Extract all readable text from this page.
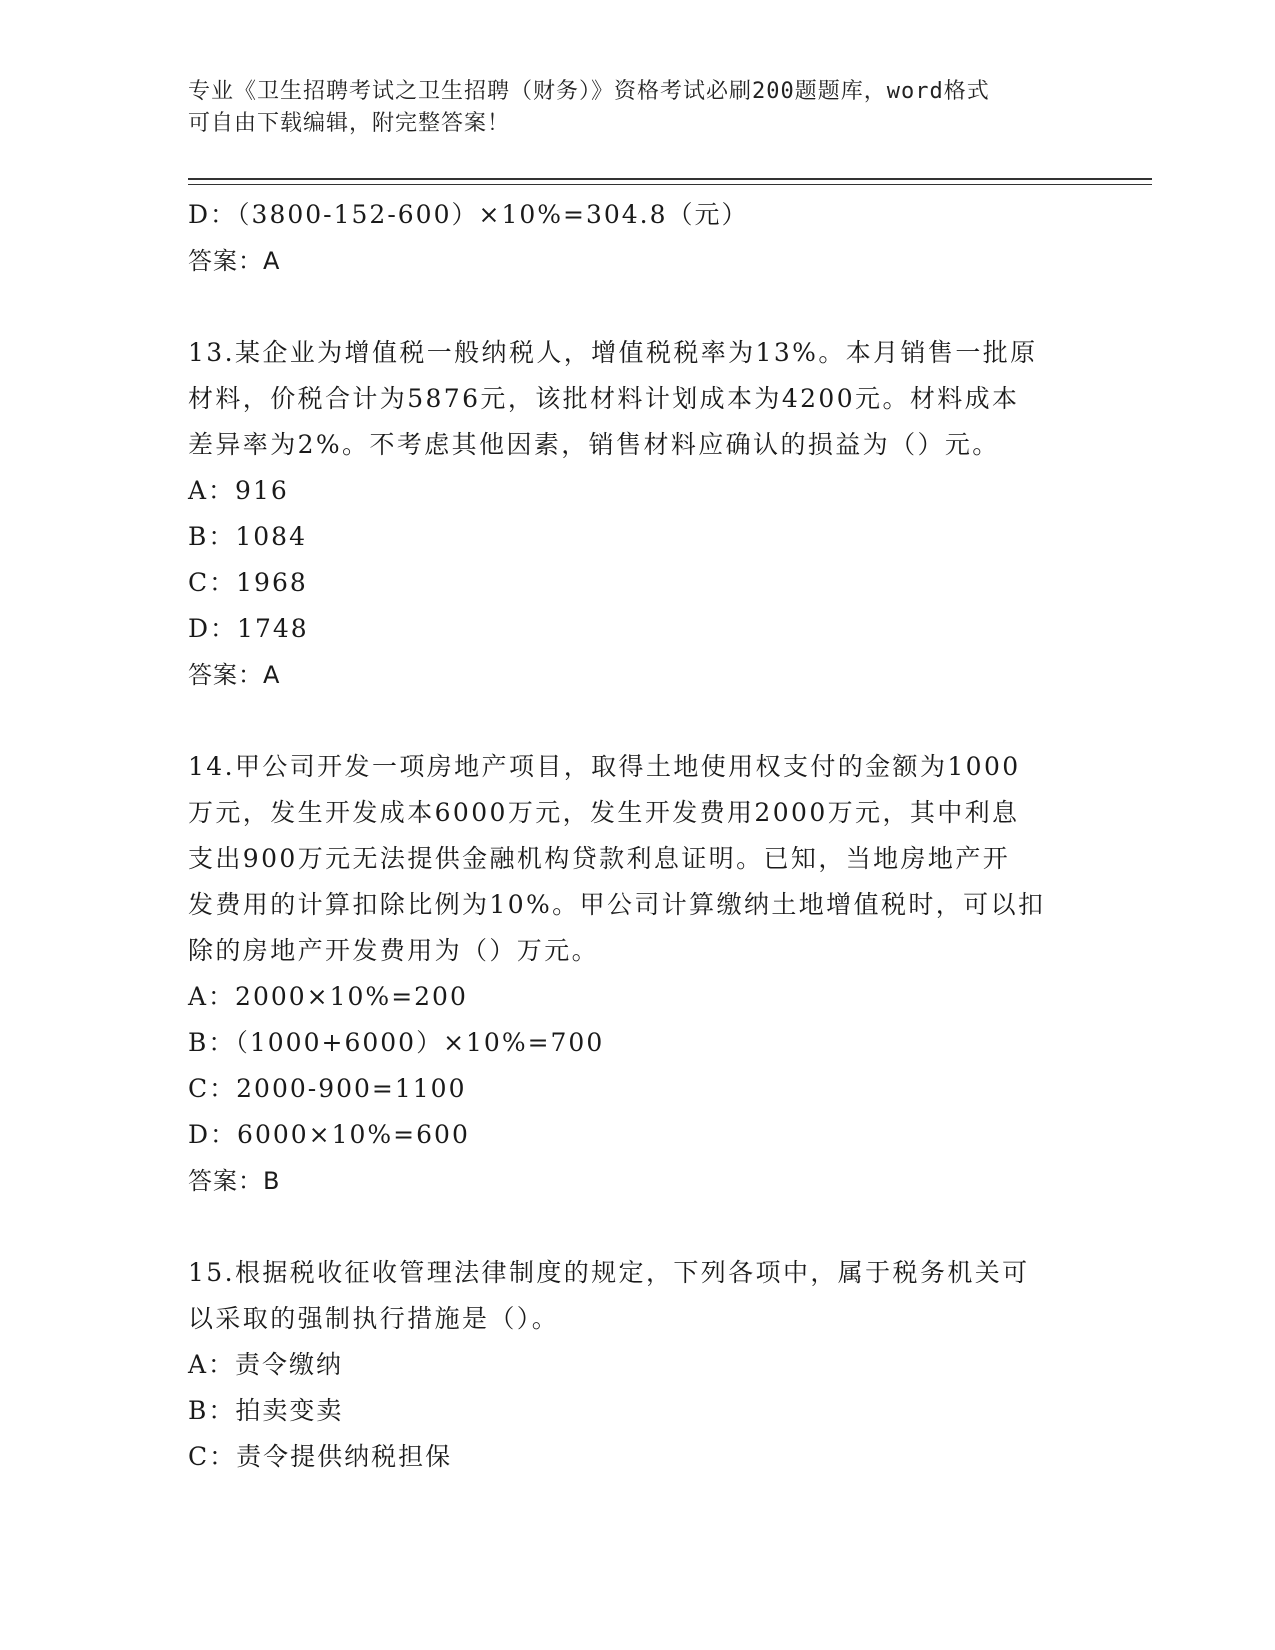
专业《卫生招聘考试之卫生招聘（财务）》资格考试必刷200题题库，word格式
可自由下载编辑，附完整答案！
D：（3800-152-600）×10%=304.8（元）
答案：A
13.某企业为增值税一般纳税人，增值税税率为13%。本月销售一批原
材料，价税合计为5876元，该批材料计划成本为4200元。材料成本
差异率为2%。不考虑其他因素，销售材料应确认的损益为（）元。
A：916
B：1084
C：1968
D：1748
答案：A
14.甲公司开发一项房地产项目，取得土地使用权支付的金额为1000
万元，发生开发成本6000万元，发生开发费用2000万元，其中利息
支出900万元无法提供金融机构贷款利息证明。已知，当地房地产开
发费用的计算扣除比例为10%。甲公司计算缴纳土地增值税时，可以扣
除的房地产开发费用为（）万元。
A：2000×10%=200
B：（1000+6000）×10%=700
C：2000-900=1100
D：6000×10%=600
答案：B
15.根据税收征收管理法律制度的规定，下列各项中，属于税务机关可
以采取的强制执行措施是（）。
A：责令缴纳
B：拍卖变卖
C：责令提供纳税担保
